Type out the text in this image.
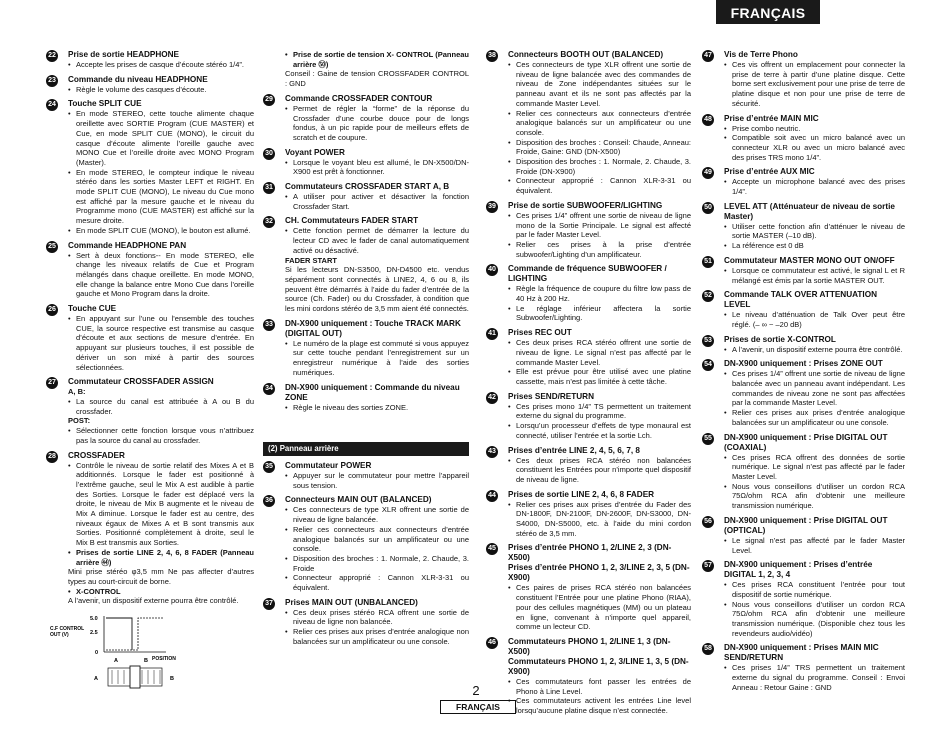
FRANÇAIS
22 Prise de sortie HEADPHONE
• Accepte les prises de casque d’écoute stéréo 1/4”.
23 Commande du niveau HEADPHONE
• Règle le volume des casques d’écoute.
24 Touche SPLIT CUE
• En mode STEREO, cette touche alimente chaque oreillette avec SORTIE Program (CUE MASTER) et Cue, en mode SPLIT CUE (MONO), le circuit du casque d’écoute alimente l’oreille gauche avec MONO Cue et l’oreille droite avec MONO Program (Master).
• En mode STEREO, le compteur indique le niveau stéréo dans les sorties Master LEFT et RIGHT. En mode SPLIT CUE (MONO), Le niveau du Cue mono est affiché par la mesure gauche et le niveau du Programme mono (CUE MASTER) est affiché sur la mesure droite.
• En mode SPLIT CUE (MONO), le bouton est allumé.
25 Commande HEADPHONE PAN
• Sert à deux fonctions-- En mode STEREO, elle change les niveaux relatifs de Cue et Program mélangés dans chaque oreillette. En mode MONO, elle change la balance entre Mono Cue dans l’oreille gauche et Mono Program dans la droite.
26 Touche CUE
• En appuyant sur l’une ou l’ensemble des touches CUE, la source respective est transmise au casque d’écoute et aux sections de mesure d’entrée. En appuyant sur plusieurs touches, il est possible de dériver un son mixé à partir des sources sélectionnées.
27 Commutateur CROSSFADER ASSIGN
A, B:
• La source du canal est attribuée à A ou B du crossfader.
POST:
• Sélectionner cette fonction lorsque vous n’attribuez pas la source du canal au crossfader.
28 CROSSFADER
• Contrôle le niveau de sortie relatif des Mixes A et B additionnés. Lorsque le fader est positionné à l’extrême gauche, seul le Mix A est audible à partie des Sorties. Lorsque le fader est déplacé vers la droite, le niveau de Mix B augmente et le niveau de Mix A diminue. Lorsque le fader est au centre, des niveaux égaux de Mixes A et B sont transmis aux Sorties. Positionné complètement à droite, seul le Mix B est transmis aux Sorties.
• Prises de sortie LINE 2, 4, 6, 8 FADER (Panneau arrière ㊹)
Mini prise stéréo φ3,5 mm Ne pas affecter d’autres types au court-circuit de borne.
• X-CONTROL
A l’avenir, un dispositif externe pourra être contrôlé.
C.F CONTROL
OUT (V)
5.0
2.5
0
A	B POSITION
A	B
• Prise de sortie de tension X- CONTROL (Panneau arrière ㊿)
Conseil : Gaine de tension CROSSFADER CONTROL : GND
29 Commande CROSSFADER CONTOUR
• Permet de régler la “forme” de la réponse du Crossfader d’une courbe douce pour de longs fondus, à un pic rapide pour de meilleurs effets de scratch et de coupure.
30 Voyant POWER
• Lorsque le voyant bleu est allumé, le DN-X500/DN-X900 est prêt à fonctionner.
31 Commutateurs CROSSFADER START A, B
• A utiliser pour activer et désactiver la fonction Crossfader Start.
32 CH. Commutateurs FADER START
• Cette fonction permet de démarrer la lecture du lecteur CD avec le fader de canal automatiquement activé ou désactivé.
FADER START
Si les lecteurs DN-S3500, DN-D4500 etc. vendus séparément sont connectés à LINE2, 4, 6 ou 8, ils peuvent être démarrés à l’aide du fader d’entrée de la source (Ch. Fader) ou du Crossfader, à condition que les mini cordons stéréo de 3,5 mm aient été connectés.
33 DN-X900 uniquement : Touche TRACK MARK (DIGITAL OUT)
• Le numéro de la plage est commuté si vous appuyez sur cette touche pendant l’enregistrement sur un enregistreur numérique à l’aide des sorties numériques.
34 DN-X900 uniquement : Commande du niveau ZONE
• Règle le niveau des sorties ZONE.
(2) Panneau arrière
35 Commutateur POWER
• Appuyer sur le commutateur pour mettre l’appareil sous tension.
36 Connecteurs MAIN OUT (BALANCED)
• Ces connecteurs de type XLR offrent une sortie de niveau de ligne balancée.
• Relier ces connecteurs aux connecteurs d’entrée analogique balancés sur un amplificateur ou une console.
• Disposition des broches : 1. Normale, 2. Chaude, 3. Froide
• Connecteur approprié : Cannon XLR-3-31 ou équivalent.
37 Prises MAIN OUT (UNBALANCED)
• Ces deux prises stéréo RCA offrent une sortie de niveau de ligne non balancée.
• Relier ces prises aux prises d’entrée analogique non balancées sur un amplificateur ou une console.
38 Connecteurs BOOTH OUT (BALANCED)
• Ces connecteurs de type XLR offrent une sortie de niveau de ligne balancée avec des commandes de niveau de Zone indépendantes situées sur le panneau avant et ils ne sont pas affectés par la commande Master Level.
• Relier ces connecteurs aux connecteurs d’entrée analogique balancés sur un amplificateur ou une console.
• Disposition des broches : Conseil: Chaude, Anneau: Froide, Gaine: GND (DN-X500)
• Disposition des broches : 1. Normale, 2. Chaude, 3. Froide (DN-X900)
• Connecteur approprié : Cannon XLR-3-31 ou équivalent.
39 Prise de sortie SUBWOOFER/LIGHTING
• Ces prises 1/4” offrent une sortie de niveau de ligne mono de la Sortie Principale. Le signal est affecté par le fader Master Level.
• Relier ces prises à la prise d’entrée subwoofer/Lighting d’un amplificateur.
40 Commande de fréquence SUBWOOFER / LIGHTING
• Règle la fréquence de coupure du filtre low pass de 40 Hz à 200 Hz.
• Le réglage inférieur affectera la sortie Subwoofer/Lighting.
41 Prises REC OUT
• Ces deux prises RCA stéréo offrent une sortie de niveau de ligne. Le signal n’est pas affecté par le commande Master Level.
• Elle est prévue pour être utilisé avec une platine cassette, mais n’est pas limitée à cette tâche.
42 Prises SEND/RETURN
• Ces prises mono 1/4” TS permettent un traitement externe du signal du programme.
• Lorsqu’un processeur d’effets de type monaural est connecté, utiliser l’entrée et la sortie Lch.
43 Prises d’entrée LINE 2, 4, 5, 6, 7, 8
• Ces deux prises RCA stéréo non balancées constituent les Entrées pour n’importe quel dispositif de niveau de ligne.
44 Prises de sortie LINE 2, 4, 6, 8 FADER
• Relier ces prises aux prises d’entrée du Fader des DN-1800F, DN-2100F, DN-2600F, DN-S3000, DN-S4000, DN-S5000, etc. à l’aide du mini cordon stéréo de 3,5 mm.
45 Prises d’entrée PHONO 1, 2/LINE 2, 3 (DN-X500)
Prises d’entrée PHONO 1, 2, 3/LINE 2, 3, 5 (DN-X900)
• Ces paires de prises RCA stéréo non balancées constituent l’Entrée pour une platine Phono (RIAA), pour des cellules magnétiques (MM) ou un plateau en ligne, convenant à n’importe quel appareil, comme un lecteur CD.
46 Commutateurs PHONO 1, 2/LINE 1, 3 (DN-X500)
Commutateurs PHONO 1, 2, 3/LINE 1, 3, 5 (DN-X900)
• Ces commutateurs font passer les entrées de Phono à Line Level.
• Ces commutateurs activent les entrées Line level lorsqu’aucune platine disque n’est connectée.
47 Vis de Terre Phono
• Ces vis offrent un emplacement pour connecter la prise de terre à partir d’une platine disque. Cette borne sert exclusivement pour une prise de terre de platine disque et non pour une prise de terre de sécurité.
48 Prise d’entrée MAIN MIC
• Prise combo neutric.
• Compatible soit avec un micro balancé avec un connecteur XLR ou avec un micro balancé avec des prises TRS mono 1/4”.
49 Prise d’entrée AUX MIC
• Accepte un microphone balancé avec des prises 1/4”.
50 LEVEL ATT (Atténuateur de niveau de sortie Master)
• Utiliser cette fonction afin d’atténuer le niveau de sortie MASTER (–10 dB).
• La référence est 0 dB
51 Commutateur MASTER MONO OUT ON/OFF
• Lorsque ce commutateur est activé, le signal L et R mélangé est émis par la sortie MASTER OUT.
52 Commande TALK OVER ATTENUATION LEVEL
• Le niveau d’atténuation de Talk Over peut être réglé. (– ∞ ~ –20 dB)
53 Prises de sortie X-CONTROL
• A l’avenir, un dispositif externe pourra être contrôlé.
54 DN-X900 uniquement : Prises ZONE OUT
• Ces prises 1/4” offrent une sortie de niveau de ligne balancée avec un panneau avant indépendant. Les commandes de niveau zone ne sont pas affectées par la commande Master Level.
• Relier ces prises aux prises d’entrée analogique balancées sur un amplificateur ou une console.
55 DN-X900 uniquement : Prise DIGITAL OUT (COAXIAL)
• Ces prises RCA offrent des données de sortie numérique. Le signal n’est pas affecté par le fader Master Level.
• Nous vous conseillons d’utiliser un cordon RCA 75Ω/ohm RCA afin d’obtenir une meilleure transmission numérique.
56 DN-X900 uniquement : Prise DIGITAL OUT (OPTICAL)
• Le signal n’est pas affecté par le fader Master Level.
57 DN-X900 uniquement : Prises d’entrée DIGITAL 1, 2, 3, 4
• Ces prises RCA constituent l’entrée pour tout dispositif de sortie numérique.
• Nous vous conseillons d’utiliser un cordon RCA 75Ω/ohm RCA afin d’obtenir une meilleure transmission numérique. (Disponible chez tous les revendeurs audio/vidéo)
58 DN-X900 uniquement : Prises MAIN MIC SEND/RETURN
• Ces prises 1/4” TRS permettent un traitement externe du signal du programme. Conseil : Envoi Anneau : Retour Gaine : GND
2
FRANÇAIS
